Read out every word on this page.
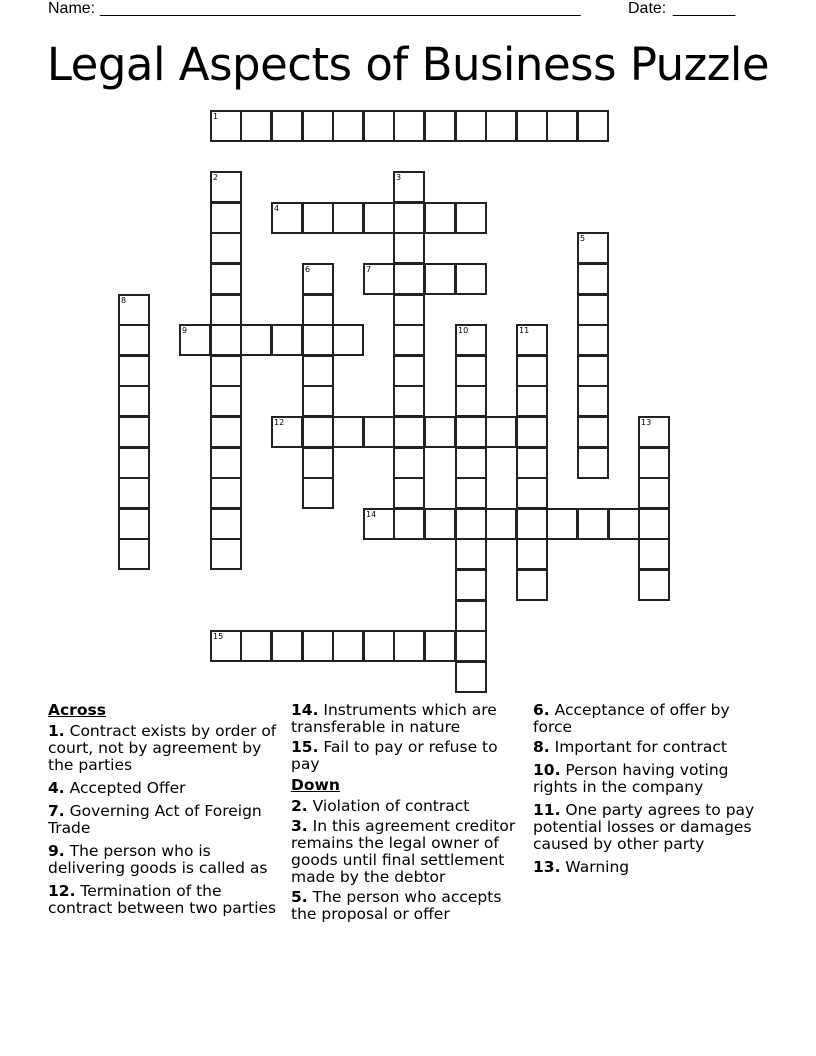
Name: ______________________________________________________	Date: _______
Legal Aspects of Business Puzzle
1
2	3
4
5
6	7
8
9	10	11
12	13
14
15
Across
1. Contract exists by order of court, not by agreement by the parties
4. Accepted Offer
7. Governing Act of Foreign Trade
9. The person who is delivering goods is called as
12. Termination of the contract between two parties
14. Instruments which are transferable in nature
15. Fail to pay or refuse to pay
Down
2. Violation of contract
3. In this agreement creditor remains the legal owner of goods until final settlement made by the debtor
5. The person who accepts the proposal or offer
6. Acceptance of offer by force
8. Important for contract
10. Person having voting rights in the company
11. One party agrees to pay potential losses or damages caused by other party
13. Warning
